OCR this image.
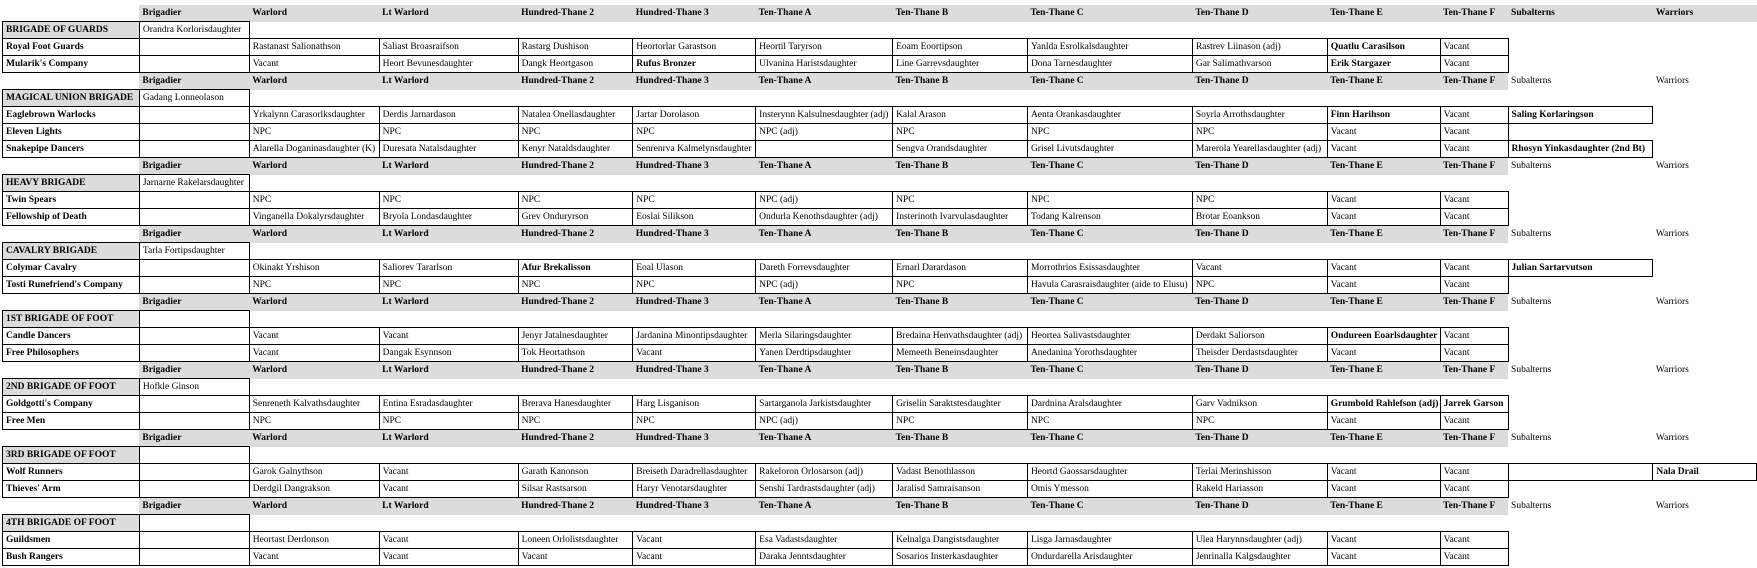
	Brigadier	Warlord	Lt Warlord	Hundred-Thane 2	Hundred-Thane 3	Ten-Thane A	Ten-Thane B	Ten-Thane C	Ten-Thane D	Ten-Thane E	Ten-Thane F	Subalterns	Warriors
BRIGADE OF GUARDS	Orandra Korlorisdaughter												
Royal Foot Guards		Rastanast Salionathson	Saliast Broasraifson	Rastarg Dushison	Heortorlar Garastson	Heortil Taryrson	Eoam Eoortipson	Yanlda Esrolkalsdaughter	Rastrev Liinason (adj)	Quatlu Carasilson	Vacant		
Mularik's Company		Vacant	Heort Bevunesdaughter	Dangk Heortgason	Rufus Bronzer	Ulvanina Haristsdaughter	Line Garrevsdaughter	Dona Tarnesdaughter	Gar Salimathvarson	Erik Stargazer	Vacant		
	Brigadier	Warlord	Lt Warlord	Hundred-Thane 2	Hundred-Thane 3	Ten-Thane A	Ten-Thane B	Ten-Thane C	Ten-Thane D	Ten-Thane E	Ten-Thane F	Subalterns	Warriors
MAGICAL UNION BRIGADE	Gadang Lonneolason												
Eaglebrown Warlocks		Yrkalynn Carasorlksdaughter	Derdis Jarnardason	Natalea Onellasdaughter	Jartar Dorolason	Insterynn Kalsulnesdaughter (adj)	Kalal Arason	Aenta Orankasdaughter	Soyrla Arrothsdaughter	Finn Harihson	Vacant	Saling Korlaringson	
Eleven Lights		NPC	NPC	NPC	NPC	NPC (adj)	NPC	NPC	NPC	Vacant	Vacant		
Snakepipe Dancers		Alarella Doganinasdaughter (K)	Duresata Natalsdaughter	Kenyr Nataldsdaughter	Senrenrva Kalmelynsdaughter		Sengva Orandsdaughter	Grisel Livutsdaughter	Marerola Yearellasdaughter (adj)	Vacant	Vacant	Rhosyn Yinkasdaughter (2nd Bt)	
	Brigadier	Warlord	Lt Warlord	Hundred-Thane 2	Hundred-Thane 3	Ten-Thane A	Ten-Thane B	Ten-Thane C	Ten-Thane D	Ten-Thane E	Ten-Thane F	Subalterns	Warriors
HEAVY BRIGADE	Jarnarne Rakelarsdaughter												
Twin Spears		NPC	NPC	NPC	NPC	NPC (adj)	NPC	NPC	NPC	Vacant	Vacant		
Fellowship of Death		Vinganella Dokalyrsdaughter	Bryola Londasdaughter	Grev Onduryrson	Eoslai Silikson	Ondurla Kenothsdaughter (adj)	Insterinoth Ivarvulasdaughter	Todang Kalrenson	Brotar Eoankson	Vacant	Vacant		
	Brigadier	Warlord	Lt Warlord	Hundred-Thane 2	Hundred-Thane 3	Ten-Thane A	Ten-Thane B	Ten-Thane C	Ten-Thane D	Ten-Thane E	Ten-Thane F	Subalterns	Warriors
CAVALRY BRIGADE	Tarla Fortipsdaughter												
Colymar Cavalry		Okinakt Yrshison	Saliorev Tararlson	Afur Brekalisson	Eoal Ulason	Dareth Forrevsdaughter	Ernarl Darardason	Morrothrios Esissasdaughter	Vacant	Vacant	Vacant	Julian Sartarvutson	
Tosti Runefriend's Company		NPC	NPC	NPC	NPC	NPC (adj)	NPC	Havula Carasraisdaughter (aide to Elusu)	NPC	Vacant	Vacant		
	Brigadier	Warlord	Lt Warlord	Hundred-Thane 2	Hundred-Thane 3	Ten-Thane A	Ten-Thane B	Ten-Thane C	Ten-Thane D	Ten-Thane E	Ten-Thane F	Subalterns	Warriors
1ST BRIGADE OF FOOT													
Candle Dancers		Vacant	Vacant	Jenyr Jatalnesdaughter	Jardanina Minontipsdaughter	Merla Silaringsdaughter	Bredaina Henvathsdaughter (adj)	Heortea Salivastsdaughter	Derdakt Saliorson	Ondureen Eoarlsdaughter	Vacant		
Free Philosophers		Vacant	Dangak Esynnson	Tok Heortathson	Vacant	Yanen Derdtipsdaughter	Memeeth Beneinsdaughter	Anedanina Yorothsdaughter	Theisder Derdastsdaughter	Vacant	Vacant		
	Brigadier	Warlord	Lt Warlord	Hundred-Thane 2	Hundred-Thane 3	Ten-Thane A	Ten-Thane B	Ten-Thane C	Ten-Thane D	Ten-Thane E	Ten-Thane F	Subalterns	Warriors
2ND BRIGADE OF FOOT	Hofkle Ginson												
Goldgotti's Company		Senreneth Kalvathsdaughter	Entina Esradasdaughter	Brerava Hanesdaughter	Harg Lisganison	Sartarganola Jarkistsdaughter	Griselin Saraktstesdaughter	Dardnina Aralsdaughter	Garv Vadnikson	Grumbold Rahlefson (adj)	Jarrek Garson		
Free Men		NPC	NPC	NPC	NPC	NPC (adj)	NPC	NPC	NPC	Vacant	Vacant		
	Brigadier	Warlord	Lt Warlord	Hundred-Thane 2	Hundred-Thane 3	Ten-Thane A	Ten-Thane B	Ten-Thane C	Ten-Thane D	Ten-Thane E	Ten-Thane F	Subalterns	Warriors
3RD BRIGADE OF FOOT													
Wolf Runners		Garok Galnythson	Vacant	Garath Kanonson	Breiseth Daradrellasdaughter	Rakeloron Orlosarson (adj)	Vadast Benothlasson	Heortd Gaossarsdaughter	Terlai Merinshisson	Vacant	Vacant		Nala Drail
Thieves' Arm		Derdgil Dangrakson	Vacant	Silsar Rastsarson	Haryr Venotarsdaughter	Senshi Tardrastsdaughter (adj)	Jaralisd Samraisanson	Omis Ymesson	Rakeld Hariasson	Vacant	Vacant		
	Brigadier	Warlord	Lt Warlord	Hundred-Thane 2	Hundred-Thane 3	Ten-Thane A	Ten-Thane B	Ten-Thane C	Ten-Thane D	Ten-Thane E	Ten-Thane F	Subalterns	Warriors
4TH BRIGADE OF FOOT													
Guildsmen		Heortast Derdonson	Vacant	Loneen Orlolistsdaughter	Vacant	Esa Vadastsdaughter	Kelnalga Dangistsdaughter	Lisga Jarnasdaughter	Ulea Harynnsdaughter (adj)	Vacant	Vacant		
Bush Rangers		Vacant	Vacant	Vacant	Vacant	Daraka Jenntsdaughter	Sosarios Insterkasdaughter	Ondurdarella Arisdaughter	Jenrinalla Kalgsdaughter	Vacant	Vacant		
